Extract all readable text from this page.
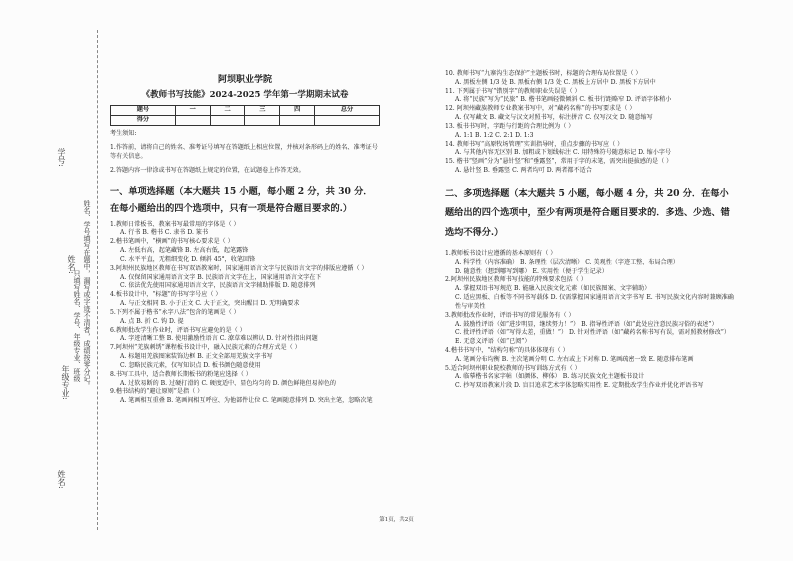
学号:
姓名:
年级专业:
姓名:
姓名、学号填写在题中，漏写或字迹不清者，成绩按零分记。
只填写姓名、学号、年级专业、班级
阿坝职业学院
《教师书写技能》2024-2025 学年第一学期期末试卷
题号	一	二	三	四	总分
得分					

考生须知:

1.作答前，请将自己的姓名、准考证号填写在答题纸上相应位置，并核对条形码上的姓名、准考证号等有关信息。

2.答题内容一律涂或书写在答题纸上规定的位置，在试题卷上作答无效。

一、单项选择题（本大题共 15 小题，每小题 2 分，共 30 分．在每小题给出的四个选项中，只有一项是符合题目要求的.）
1.教师日常板书、教案书写最常用的字体是（ ）
A. 行书 B. 楷书 C. 隶书 D. 篆书
2.楷书笔画中，“横画”的书写核心要求是（ ）
A. 左低右高，起笔藏锋 B. 左高右低，起笔露锋
C. 水平平直，无粗细变化 D. 倾斜 45°，收笔回锋
3.阿坝州民族地区教师在书写双语教案时，国家通用语言文字与民族语言文字的排版应遵循（ ）
A. 仅保留国家通用语言文字 B. 民族语言文字在上，国家通用语言文字在下
C. 依法优先使用国家通用语言文字，民族语言文字辅助排版 D. 随意排列
4.板书设计中，“标题”的书写字号应（ ）
A. 与正文相同 B. 小于正文 C. 大于正文，突出醒目 D. 无明确要求
5.下列不属于楷书“永字八法”包含的笔画是（ ）
A. 点 B. 折 C. 钩 D. 提
6.教师批改学生作业时，评语书写应避免的是（ ）
A. 字迹清晰工整 B. 使用激励性语言 C. 潦草难以辨认 D. 针对性指出问题
7.阿坝州“羌族刺绣”课程板书设计中，融入民族元素的合理方式是（ ）
A. 标题用羌族图案装饰边框 B. 正文全部用羌族文字书写
C. 忽略民族元素，仅写知识点 D. 板书颜色随意使用
8.书写工具中，适合教师长期板书的粉笔应选择（ ）
A. 过软易断的 B. 过硬打滑的 C. 硬度适中、显色均匀的 D. 颜色鲜艳但易掉色的
9.楷书结构的“避让原则”是指（ ）
A. 笔画相互重叠 B. 笔画间相互呼应、为他部件让位 C. 笔画随意排列 D. 突出主笔，忽略次笔
10. 教师书写“九寨沟生态保护”主题板书时，标题的合理布局位置是（ ）
A. 黑板左侧 1/3 处 B. 黑板右侧 1/3 处 C. 黑板上方居中 D. 黑板下方居中
11. 下列属于书写“错别字”的教师职业失误是（ ）
A. 将“民族”写为“民旅” B. 楷书笔画轻微倾斜 C. 板书行距略窄 D. 评语字体稍小
12. 阿坝州藏族教师专业教案书写中，对“藏药名称”的书写要求是（ ）
A. 仅写藏文 B. 藏文与汉文对照书写，标注拼音 C. 仅写汉文 D. 随意缩写
13. 板书书写时，字距与行距的合理比例为（ ）
A. 1:1 B. 1:2 C. 2:1 D. 1:3
14. 教师书写“高原牧场管理”实训指导时，重点步骤的书写应（ ）
A. 与其他内容无区别 B. 加粗或下划线标注 C. 用特殊符号随意标记 D. 缩小字号
15. 楷书“竖画”分为“悬针竖”和“垂露竖”，常用于字的末笔，需突出挺拔感的是（ ）
A. 悬针竖 B. 垂露竖 C. 两者均可 D. 两者都不适合
二、多项选择题（本大题共 5 小题，每小题 4 分，共 20 分．在每小题给出的四个选项中，至少有两项是符合题目要求的．多选、少选、错选均不得分.）
1.教师板书设计应遵循的基本原则有（ ）
A. 科学性（内容准确） B. 条理性（层次清晰） C. 美观性（字迹工整、布局合理）
D. 随意性（想到哪写到哪） E. 实用性（便于学生记录）
2.阿坝州民族地区教师书写技能的特殊要求包括（ ）
A. 掌握双语书写规范 B. 能融入民族文化元素（如民族图案、文字辅助）
C. 适应黑板、白板等不同书写载体 D. 仅需掌握国家通用语言文字书写 E. 书写民族文化内容时兼顾准确性与审美性
3.教师批改作业时，评语书写的常见服务有（ ）
A. 鼓励性评语（如“进步明显，继续努力！”） B. 指导性评语（如“此处应注意民族习俗的表述”）
C. 批评性评语（如“写得太差，重做！”） D. 针对性评语（如“藏药名称书写有误，需对照教材修改”） E. 无意义评语（如“已阅”）
4.楷书书写中，“结构匀称”的具体体现有（ ）
A. 笔画分布均衡 B. 主次笔画分明 C. 左右或上下对称 D. 笔画疏密一致 E. 随意排布笔画
5.适合阿坝州职业院校教师的书写训练方式有（ ）
A. 临摹楷书名家字帖（如颜体、柳体） B. 练习民族文化主题板书设计
C. 抄写双语教案片段 D. 盲目追求艺术字体忽略实用性 E. 定期批改学生作业并优化评语书写
第1页，共2页
